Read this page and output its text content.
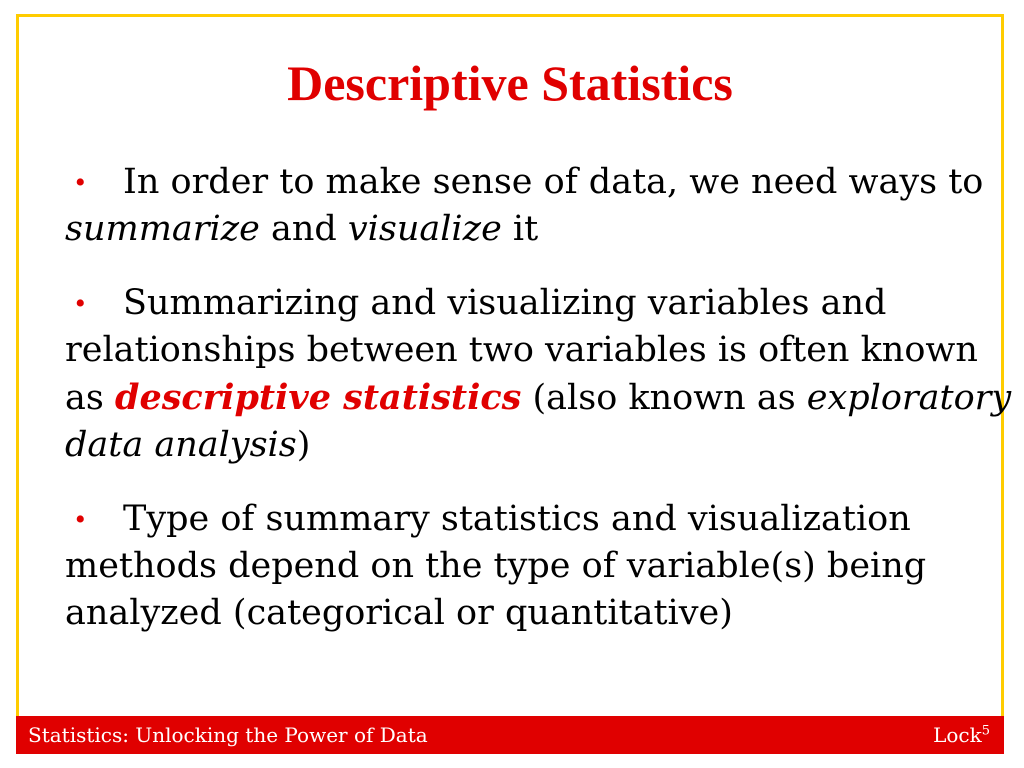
Descriptive Statistics
• In order to make sense of data, we need ways to summarize and visualize it
• Summarizing and visualizing variables and relationships between two variables is often known as descriptive statistics (also known as exploratory data analysis)
• Type of summary statistics and visualization methods depend on the type of variable(s) being analyzed (categorical or quantitative)
Statistics: Unlocking the Power of Data	Lock$^5$
